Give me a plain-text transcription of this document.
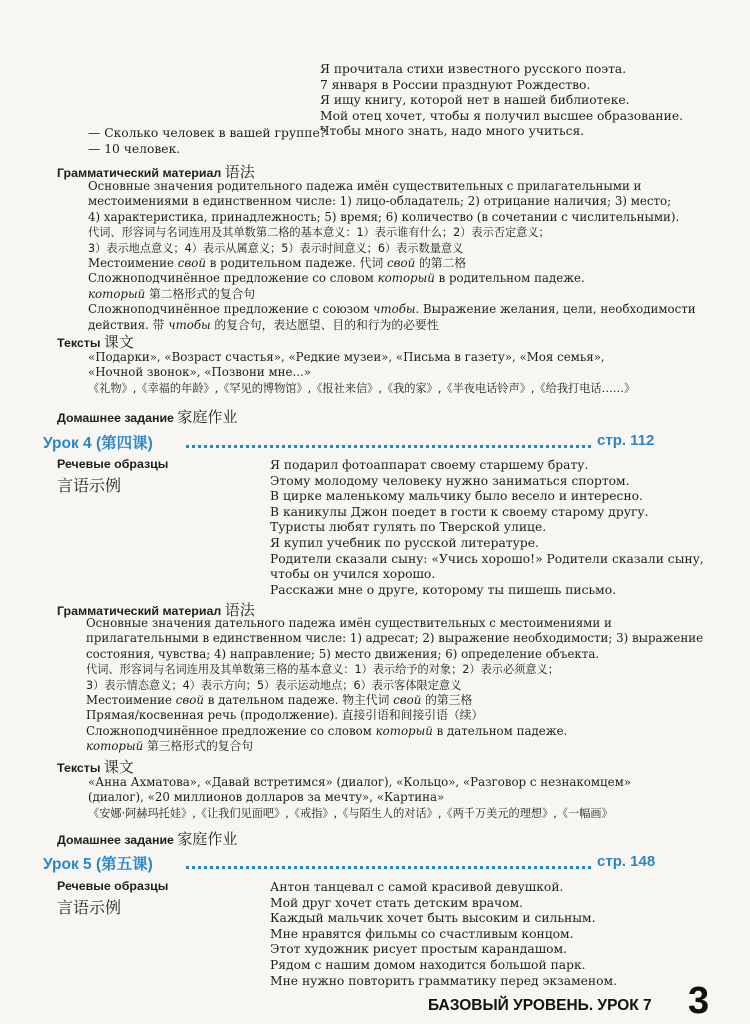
Я прочитала стихи известного русского поэта.

7 января в России празднуют Рождество.

Я ищу книгу, которой нет в нашей библиотеке.

Мой отец хочет, чтобы я получил высшее образование.

Чтобы много знать, надо много учиться.

— Сколько человек в вашей группе?

— 10 человек.

Грамматический материал 语法

Основные значения родительного падежа имён существительных с прилагательными и

местоимениями в единственном числе: 1) лицо-обладатель; 2) отрицание наличия; 3) место;

4) характеристика, принадлежность; 5) время; 6) количество (в сочетании с числительными).

代词、形容词与名词连用及其单数第二格的基本意义：1）表示谁有什么；2）表示否定意义；

3）表示地点意义；4）表示从属意义；5）表示时间意义；6）表示数量意义

Местоимение свой в родительном падеже. 代词 свой 的第二格

Сложноподчинённое предложение со словом который в родительном падеже.

который 第二格形式的复合句

Сложноподчинённое предложение с союзом чтобы. Выражение желания, цели, необходимости

действия. 带 чтобы 的复合句，表达愿望、目的和行为的必要性

Тексты 课文

«Подарки», «Возраст счастья», «Редкие музеи», «Письма в газету», «Моя семья»,

«Ночной звонок», «Позвони мне...»

《礼物》,《幸福的年龄》,《罕见的博物馆》,《报社来信》,《我的家》,《半夜电话铃声》,《给我打电话……》

Домашнее задание 家庭作业
Урок 4 (第四课)	стр. 112
Речевые образцы
言语示例

Я подарил фотоаппарат своему старшему брату.

Этому молодому человеку нужно заниматься спортом.

В цирке маленькому мальчику было весело и интересно.

В каникулы Джон поедет в гости к своему старому другу.

Туристы любят гулять по Тверской улице.

Я купил учебник по русской литературе.

Родители сказали сыну: «Учись хорошо!» Родители сказали сыну,

чтобы он учился хорошо.

Расскажи мне о друге, которому ты пишешь письмо.

Грамматический материал 语法

Основные значения дательного падежа имён существительных с местоимениями и

прилагательными в единственном числе: 1) адресат; 2) выражение необходимости; 3) выражение

состояния, чувства; 4) направление; 5) место движения; 6) определение объекта.

代词、形容词与名词连用及其单数第三格的基本意义：1）表示给予的对象；2）表示必须意义；

3）表示情态意义；4）表示方向；5）表示运动地点；6）表示客体限定意义

Местоимение свой в дательном падеже. 物主代词 свой 的第三格

Прямая/косвенная речь (продолжение). 直接引语和间接引语（续）

Сложноподчинённое предложение со словом который в дательном падеже.

который 第三格形式的复合句

Тексты 课文

«Анна Ахматова», «Давай встретимся» (диалог), «Кольцо», «Разговор с незнакомцем»

(диалог), «20 миллионов долларов за мечту», «Картина»

《安娜·阿赫玛托娃》,《让我们见面吧》,《戒指》,《与陌生人的对话》,《两千万美元的理想》,《一幅画》

Домашнее задание 家庭作业
Урок 5 (第五课)	стр. 148
Речевые образцы
言语示例

Антон танцевал с самой красивой девушкой.

Мой друг хочет стать детским врачом.

Каждый мальчик хочет быть высоким и сильным.

Мне нравятся фильмы со счастливым концом.

Этот художник рисует простым карандашом.

Рядом с нашим домом находится большой парк.

Мне нужно повторить грамматику перед экзаменом.

БАЗОВЫЙ УРОВЕНЬ. УРОК 7 3
